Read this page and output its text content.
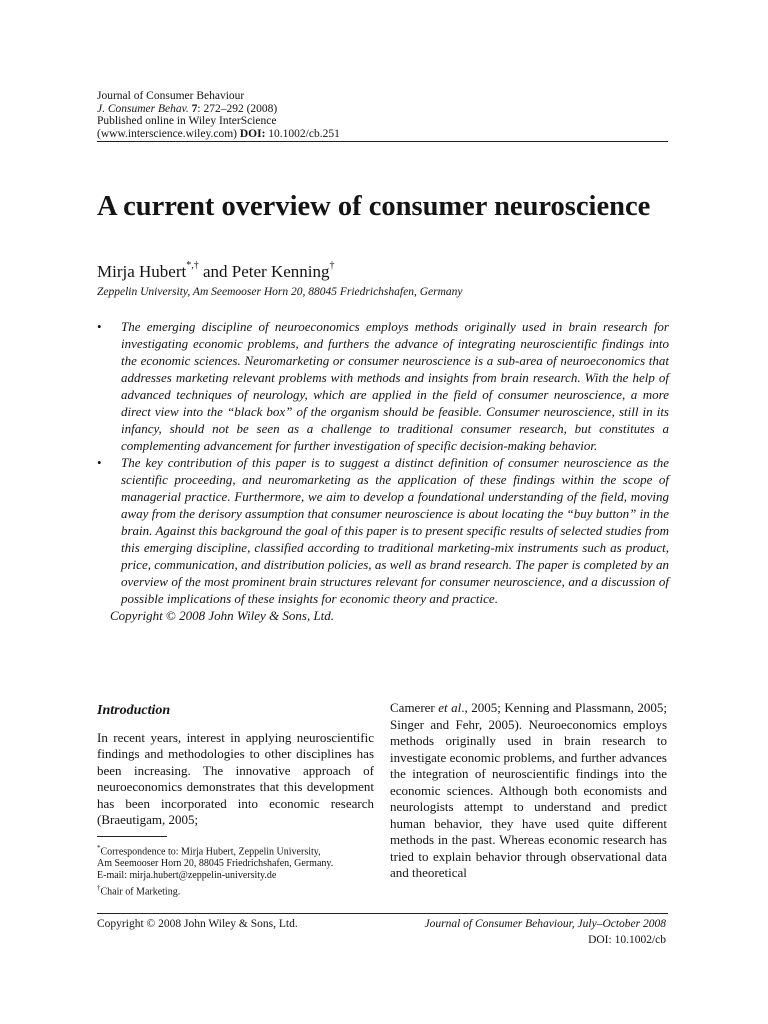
Journal of Consumer Behaviour
J. Consumer Behav. 7: 272–292 (2008)
Published online in Wiley InterScience
(www.interscience.wiley.com) DOI: 10.1002/cb.251
A current overview of consumer neuroscience
Mirja Hubert*,† and Peter Kenning†
Zeppelin University, Am Seemooser Horn 20, 88045 Friedrichshafen, Germany
• The emerging discipline of neuroeconomics employs methods originally used in brain research for investigating economic problems, and furthers the advance of integrating neuroscientific findings into the economic sciences. Neuromarketing or consumer neuroscience is a sub-area of neuroeconomics that addresses marketing relevant problems with methods and insights from brain research. With the help of advanced techniques of neurology, which are applied in the field of consumer neuroscience, a more direct view into the “black box” of the organism should be feasible. Consumer neuroscience, still in its infancy, should not be seen as a challenge to traditional consumer research, but constitutes a complementing advancement for further investigation of specific decision-making behavior.
• The key contribution of this paper is to suggest a distinct definition of consumer neuroscience as the scientific proceeding, and neuromarketing as the application of these findings within the scope of managerial practice. Furthermore, we aim to develop a foundational understanding of the field, moving away from the derisory assumption that consumer neuroscience is about locating the “buy button” in the brain. Against this background the goal of this paper is to present specific results of selected studies from this emerging discipline, classified according to traditional marketing-mix instruments such as product, price, communication, and distribution policies, as well as brand research. The paper is completed by an overview of the most prominent brain structures relevant for consumer neuroscience, and a discussion of possible implications of these insights for economic theory and practice.
Copyright © 2008 John Wiley & Sons, Ltd.
Introduction

In recent years, interest in applying neuroscientific findings and methodologies to other disciplines has been increasing. The innovative approach of neuroeconomics demonstrates that this development has been incorporated into economic research (Braeutigam, 2005;

*Correspondence to: Mirja Hubert, Zeppelin University,
Am Seemooser Horn 20, 88045 Friedrichshafen, Germany.
E-mail: mirja.hubert@zeppelin-university.de
†Chair of Marketing.

Camerer et al., 2005; Kenning and Plassmann, 2005; Singer and Fehr, 2005). Neuroeconomics employs methods originally used in brain research to investigate economic problems, and further advances the integration of neuroscientific findings into the economic sciences. Although both economists and neurologists attempt to understand and predict human behavior, they have used quite different methods in the past. Whereas economic research has tried to explain behavior through observational data and theoretical

Copyright © 2008 John Wiley & Sons, Ltd.	Journal of Consumer Behaviour, July–October 2008
DOI: 10.1002/cb
